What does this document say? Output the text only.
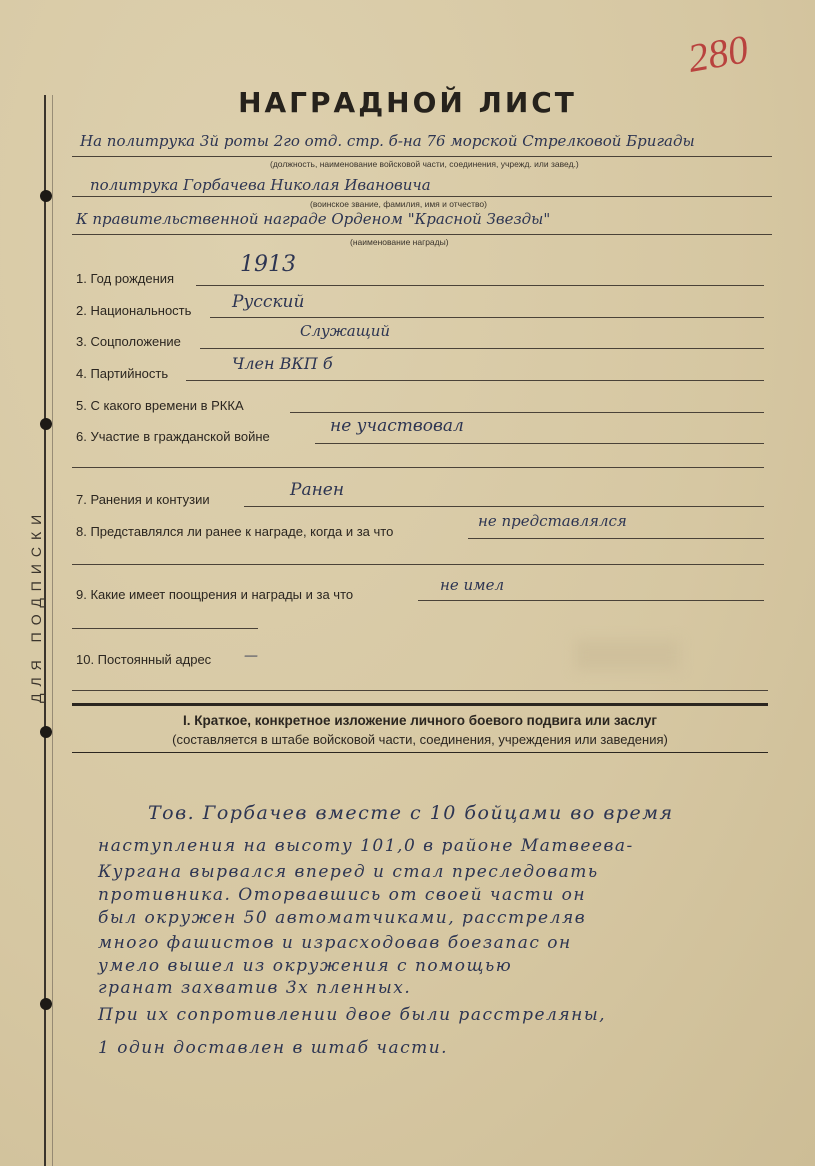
ДЛЯ ПОДПИСКИ
280
НАГРАДНОЙ ЛИСТ
На политрука 3й роты 2го отд. стр. б-на 76 морской Стрелковой Бригады
(должность, наименование войсковой части, соединения, учрежд. или завед.)
политрука Горбачева Николая Ивановича
(воинское звание, фамилия, имя и отчество)
К правительственной награде Орденом "Красной Звезды"
(наименование награды)
1. Год рождения
1913
2. Национальность Русский
3. Соцположение
Служащий
4. Партийность
Член ВКП б
5. С какого времени в РККА
6. Участие в гражданской войне
не участвовал
7. Ранения и контузии	Ранен
8. Представлялся ли ранее к награде, когда и за что
не представлялся
9. Какие имеет поощрения и награды и за что
не имел
10. Постоянный адрес —
I. Краткое, конкретное изложение личного боевого подвига или заслуг
(составляется в штабе войсковой части, соединения, учреждения или заведения)
Тов. Горбачев вместе с 10 бойцами во время
наступления на высоту 101,0 в районе Матвеева-
Кургана вырвался вперед и стал преследовать
противника. Оторвавшись от своей части он
был окружен 50 автоматчиками, расстреляв
много фашистов и израсходовав боезапас он
умело вышел из окружения с помощью
гранат захватив 3х пленных.
При их сопротивлении двое были расстреляны,
1 один доставлен в штаб части.
